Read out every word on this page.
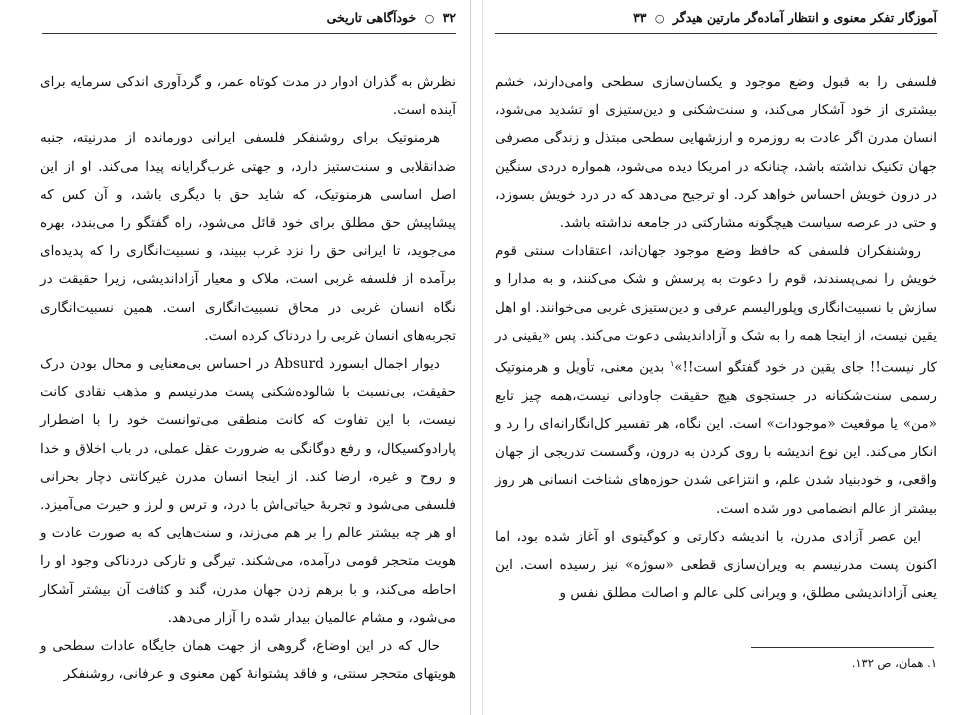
۳۲ ○ خودآگاهی تاریخی

نظرش به گذران ادوار در مدت کوتاه عمر، و گردآوری اندکی سرمایه برای آینده است.

هرمنوتیک برای روشنفکر فلسفی ایرانی دورمانده از مدرنیته، جنبه ضدانقلابی و سنت‌ستیز دارد، و جهتی غرب‌گرایانه پیدا می‌کند. او از این اصل اساسی هرمنوتیک، که شاید حق با دیگری باشد، و آن کس که پیشاپیش حق مطلق برای خود قائل می‌شود، راه گفتگو را می‌بندد، بهره می‌جوید، تا ایرانی حق را نزد غرب ببیند، و نسبیت‌انگاری را که پدیده‌ای برآمده از فلسفه غربی است، ملاک و معیار آزاداندیشی، زیرا حقیقت در نگاه انسان غربی در محاق نسبیت‌انگاری است. همین نسبیت‌انگاری تجربه‌های انسان غربی را دردناک کرده است.

دیوار اجمال ابسورد Absurd در احساس بی‌معنایی و محال بودن درک حقیقت، بی‌نسبت با شالوده‌شکنی پست مدرنیسم و مذهب نقادی کانت نیست، با این تفاوت که کانت منطقی می‌توانست خود را با اضطرار پارادوکسیکال، و رفع دوگانگی به ضرورت عقل عملی، در باب اخلاق و خدا و روح و غیره، ارضا کند. از اینجا انسان مدرن غیرکانتی دچار بحرانی فلسفی می‌شود و تجربهٔ حیاتی‌اش با درد، و ترس و لرز و حیرت می‌آمیزد. او هر چه بیشتر عالم را بر هم می‌زند، و سنت‌هایی که به صورت عادت و هویت متحجر قومی درآمده، می‌شکند. تیرگی و تارکی دردناکی وجود او را احاطه می‌کند، و با برهم زدن جهان مدرن، گند و کثافت آن بیشتر آشکار می‌شود، و مشام عالمیان بیدار شده را آزار می‌دهد.

حال که در این اوضاع، گروهی از جهت همان جایگاه عادات سطحی و هویتهای متحجر سنتی، و فاقد پشتوانهٔ کهن معنوی و عرفانی، روشنفکر

آموزگار تفکر معنوی و انتظار آماده‌گر مارتین هیدگر ○ ۳۳

فلسفی را به قبول وضع موجود و یکسان‌سازی سطحی وامی‌دارند، خشم بیشتری از خود آشکار می‌کند، و سنت‌شکنی و دین‌ستیزی او تشدید می‌شود، انسان مدرن اگر عادت به روزمره و ارزشهایی سطحی مبتذل و زندگی مصرفی جهان تکنیک نداشته باشد، چنانکه در امریکا دیده می‌شود، همواره دردی سنگین در درون خویش احساس خواهد کرد. او ترجیح می‌دهد که در درد خویش بسوزد، و حتی در عرصه سیاست هیچگونه مشارکتی در جامعه نداشته باشد.

روشنفکران فلسفی که حافظ وضع موجود جهان‌اند، اعتقادات سنتی قوم خویش را نمی‌پسندند، قوم را دعوت به پرسش و شک می‌کنند، و به مدارا و سازش با نسبیت‌انگاری وپلورالیسم عرفی و دین‌ستیزی غربی می‌خوانند. او اهل یقین نیست، از اینجا همه را به شک و آزاداندیشی دعوت می‌کند. پس «یقینی در کار نیست!! جای یقین در خود گفتگو است!!»$^۱$ بدین معنی، تأویل و هرمنوتیک رسمی سنت‌شکنانه در جستجوی هیچ حقیقت جاودانی نیست،همه چیز تابع «من» یا موقعیت «موجودات» است. این نگاه، هر تفسیر کل‌انگارانه‌ای را رد و انکار می‌کند. این نوع اندیشه با روی کردن به درون، وگسست تدریجی از جهان واقعی، و خودبنیاد شدن علم، و انتزاعی شدن حوزه‌های شناخت انسانی هر روز بیشتر از عالم انضمامی دور شده است.

این عصر آزادی مدرن، با اندیشه دکارتی و کوگیتوی او آغاز شده بود، اما اکنون پست مدرنیسم به ویران‌سازی قطعی «سوژه» نیز رسیده است. این یعنی آزاداندیشی مطلق، و ویرانی کلی عالم و اصالت مطلق نفس و

۱. همان، ص ۱۳۲.
